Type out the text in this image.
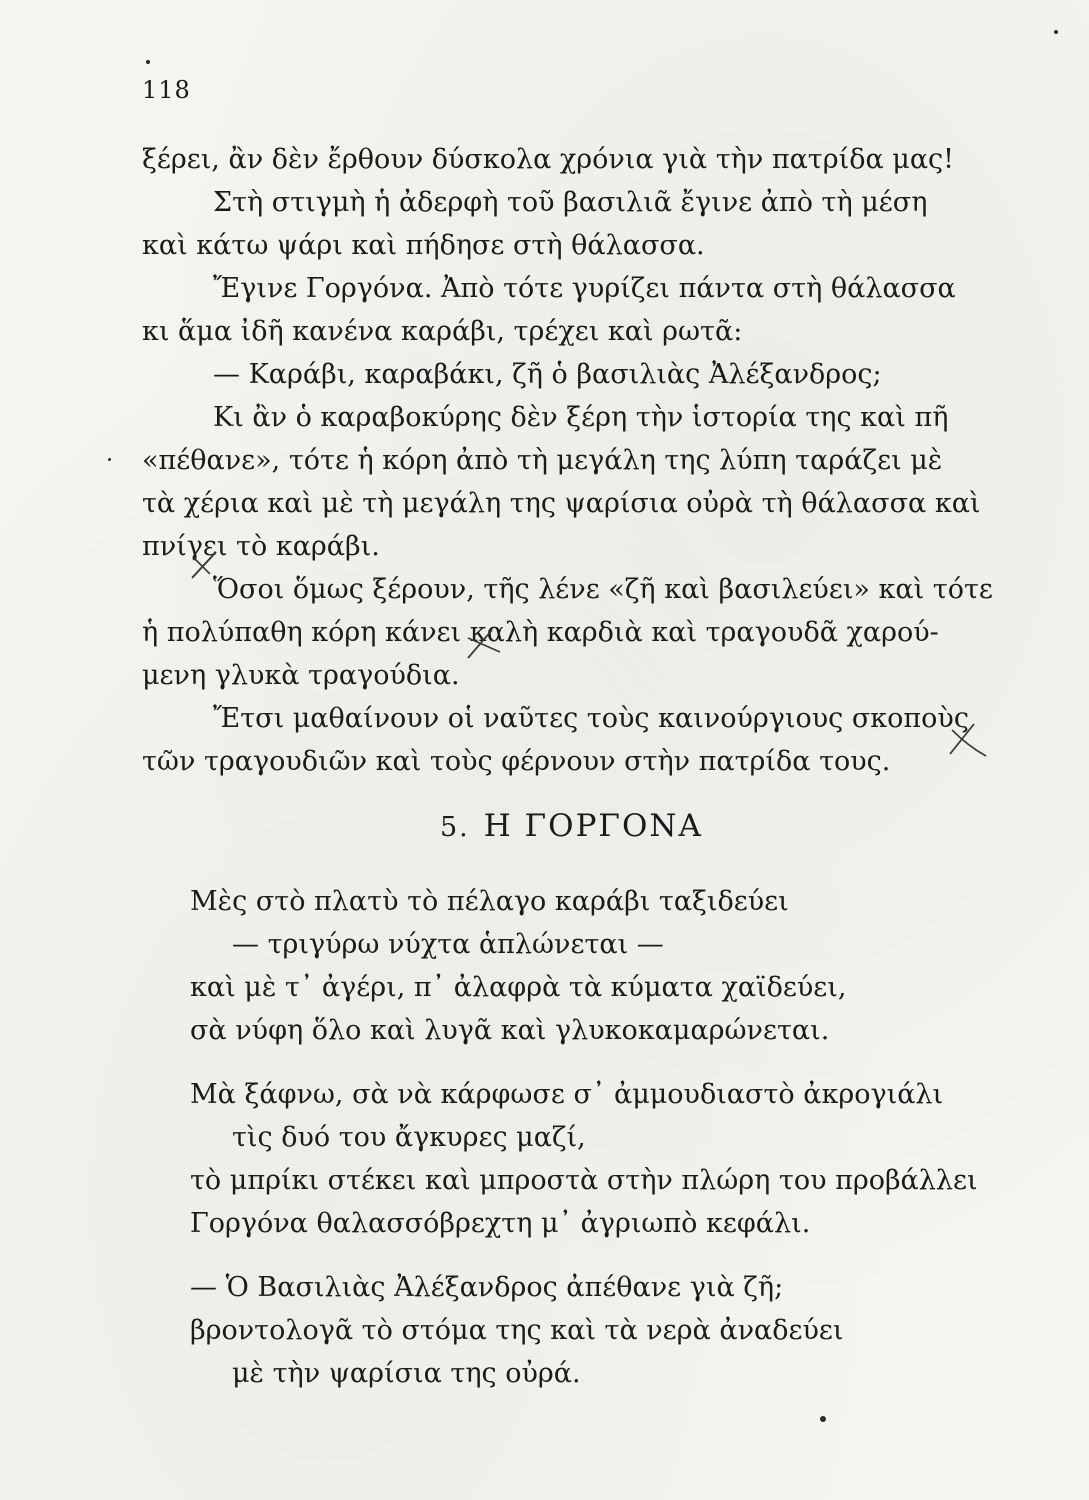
118
ξέρει, ἂν δὲν ἔρθουν δύσκολα χρόνια γιὰ τὴν πατρίδα μας!
Στὴ στιγμὴ ἡ ἀδερφὴ τοῦ βασιλιᾶ ἔγινε ἀπὸ τὴ μέση
καὶ κάτω ψάρι καὶ πήδησε στὴ θάλασσα.
Ἔγινε Γοργόνα. Ἀπὸ τότε γυρίζει πάντα στὴ θάλασσα
κι ἅμα ἰδῆ κανένα καράβι, τρέχει καὶ ρωτᾶ:
— Καράβι, καραβάκι, ζῆ ὁ βασιλιὰς Ἀλέξανδρος;
Κι ἂν ὁ καραβοκύρης δὲν ξέρη τὴν ἱστορία της καὶ πῆ
«πέθανε», τότε ἡ κόρη ἀπὸ τὴ μεγάλη της λύπη ταράζει μὲ
τὰ χέρια καὶ μὲ τὴ μεγάλη της ψαρίσια οὐρὰ τὴ θάλασσα καὶ
πνίγει τὸ καράβι.
Ὅσοι ὅμως ξέρουν, τῆς λένε «ζῆ καὶ βασιλεύει» καὶ τότε
ἡ πολύπαθη κόρη κάνει καλὴ καρδιὰ καὶ τραγουδᾶ χαρού-
μενη γλυκὰ τραγούδια.
Ἔτσι μαθαίνουν οἱ ναῦτες τοὺς καινούργιους σκοποὺς
τῶν τραγουδιῶν καὶ τοὺς φέρνουν στὴν πατρίδα τους.
5. Η ΓΟΡΓΟΝΑ
Μὲς στὸ πλατὺ τὸ πέλαγο καράβι ταξιδεύει
— τριγύρω νύχτα ἁπλώνεται —
καὶ μὲ τ᾽ ἀγέρι, π᾽ ἀλαφρὰ τὰ κύματα χαϊδεύει,
σὰ νύφη ὅλο καὶ λυγᾶ καὶ γλυκοκαμαρώνεται.
Μὰ ξάφνω, σὰ νὰ κάρφωσε σ᾽ ἀμμουδιαστὸ ἀκρογιάλι
τὶς δυό του ἄγκυρες μαζί,
τὸ μπρίκι στέκει καὶ μπροστὰ στὴν πλώρη του προβάλλει
Γοργόνα θαλασσόβρεχτη μ᾽ ἀγριωπὸ κεφάλι.
— Ὁ Βασιλιὰς Ἀλέξανδρος ἀπέθανε γιὰ ζῆ;
βροντολογᾶ τὸ στόμα της καὶ τὰ νερὰ ἀναδεύει
μὲ τὴν ψαρίσια της οὐρά.
